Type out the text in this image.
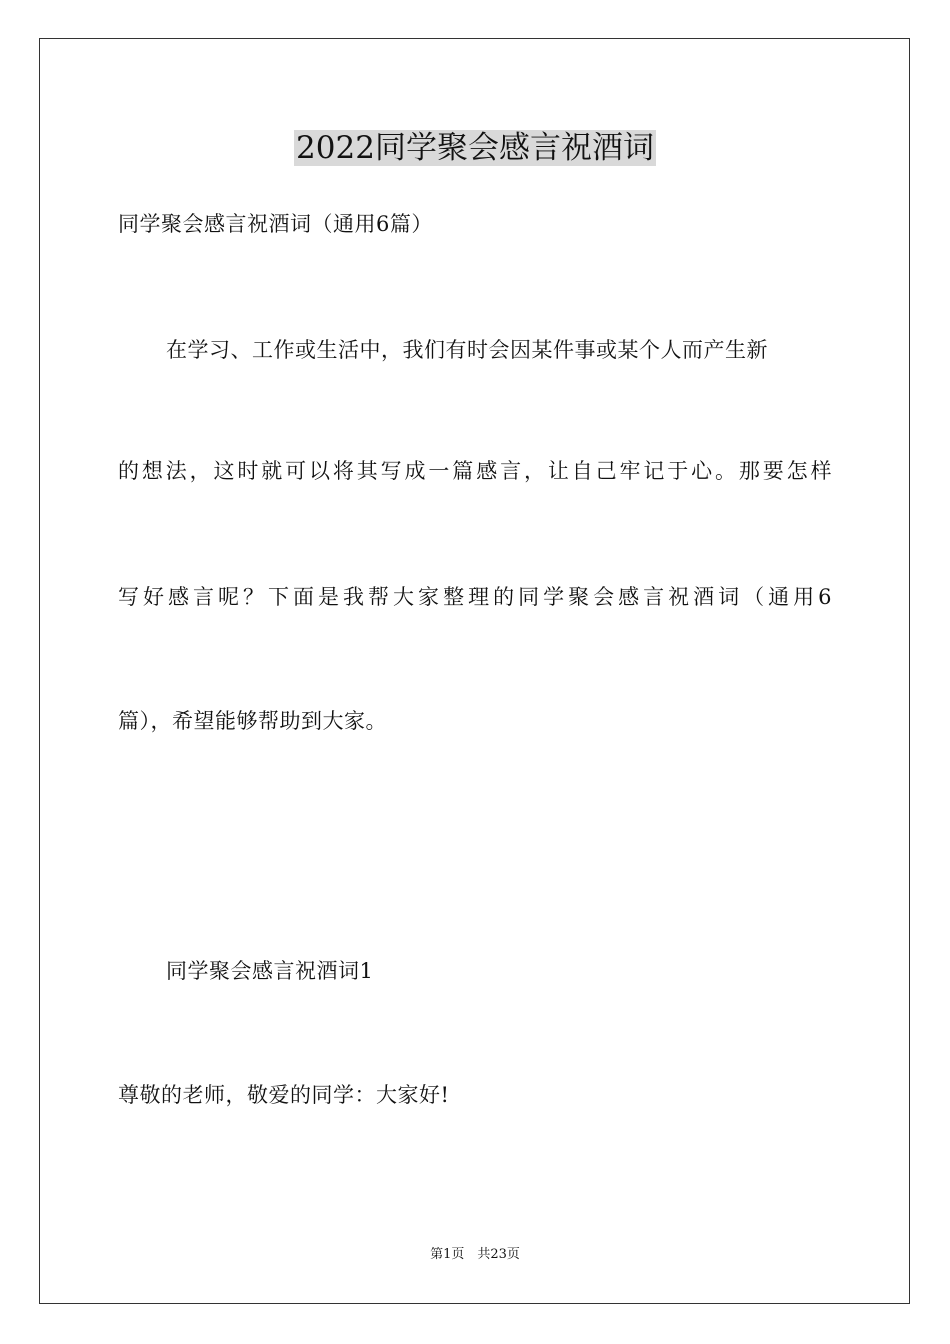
2022同学聚会感言祝酒词
同学聚会感言祝酒词（通用6篇）
在学习、工作或生活中，我们有时会因某件事或某个人而产生新
的想法，这时就可以将其写成一篇感言，让自己牢记于心。那要怎样
写好感言呢？下面是我帮大家整理的同学聚会感言祝酒词（通用6
篇），希望能够帮助到大家。
同学聚会感言祝酒词1
尊敬的老师，敬爱的同学：大家好!
第1页　共23页
